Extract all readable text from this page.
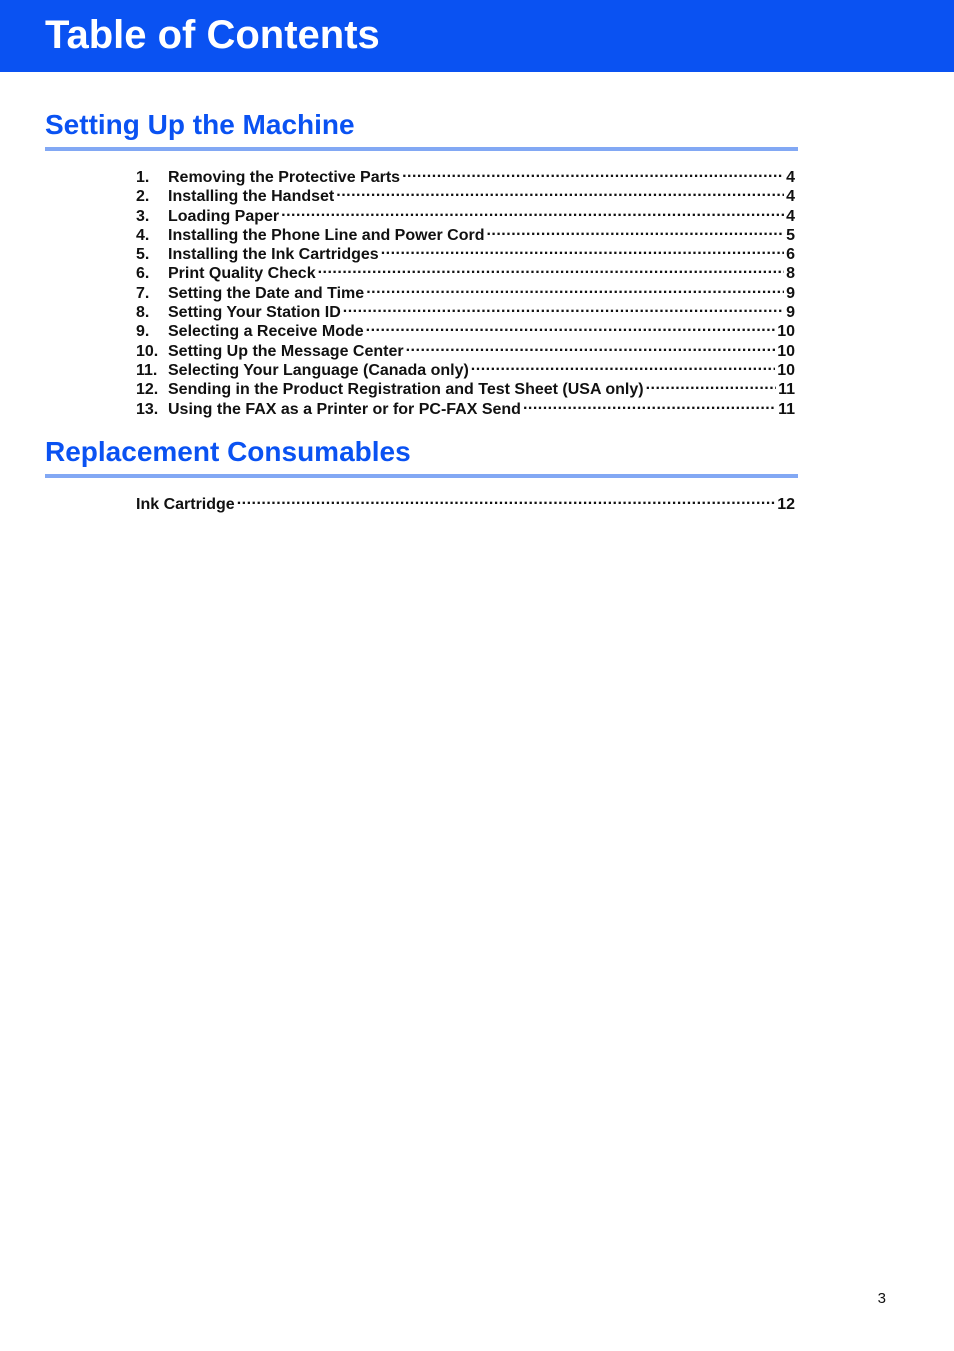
Table of Contents
Setting Up the Machine
1.	Removing the Protective Parts .....	4
2.	Installing the Handset .....	4
3.	Loading Paper .....	4
4.	Installing the Phone Line and Power Cord .....	5
5.	Installing the Ink Cartridges .....	6
6.	Print Quality Check .....	8
7.	Setting the Date and Time .....	9
8.	Setting Your Station ID .....	9
9.	Selecting a Receive Mode .....	10
10. Setting Up the Message Center .....	10
11. Selecting Your Language (Canada only) .....	10
12. Sending in the Product Registration and Test Sheet (USA only) .....	11
13. Using the FAX as a Printer or for PC-FAX Send .....	11
Replacement Consumables
Ink Cartridge .....	12
3
